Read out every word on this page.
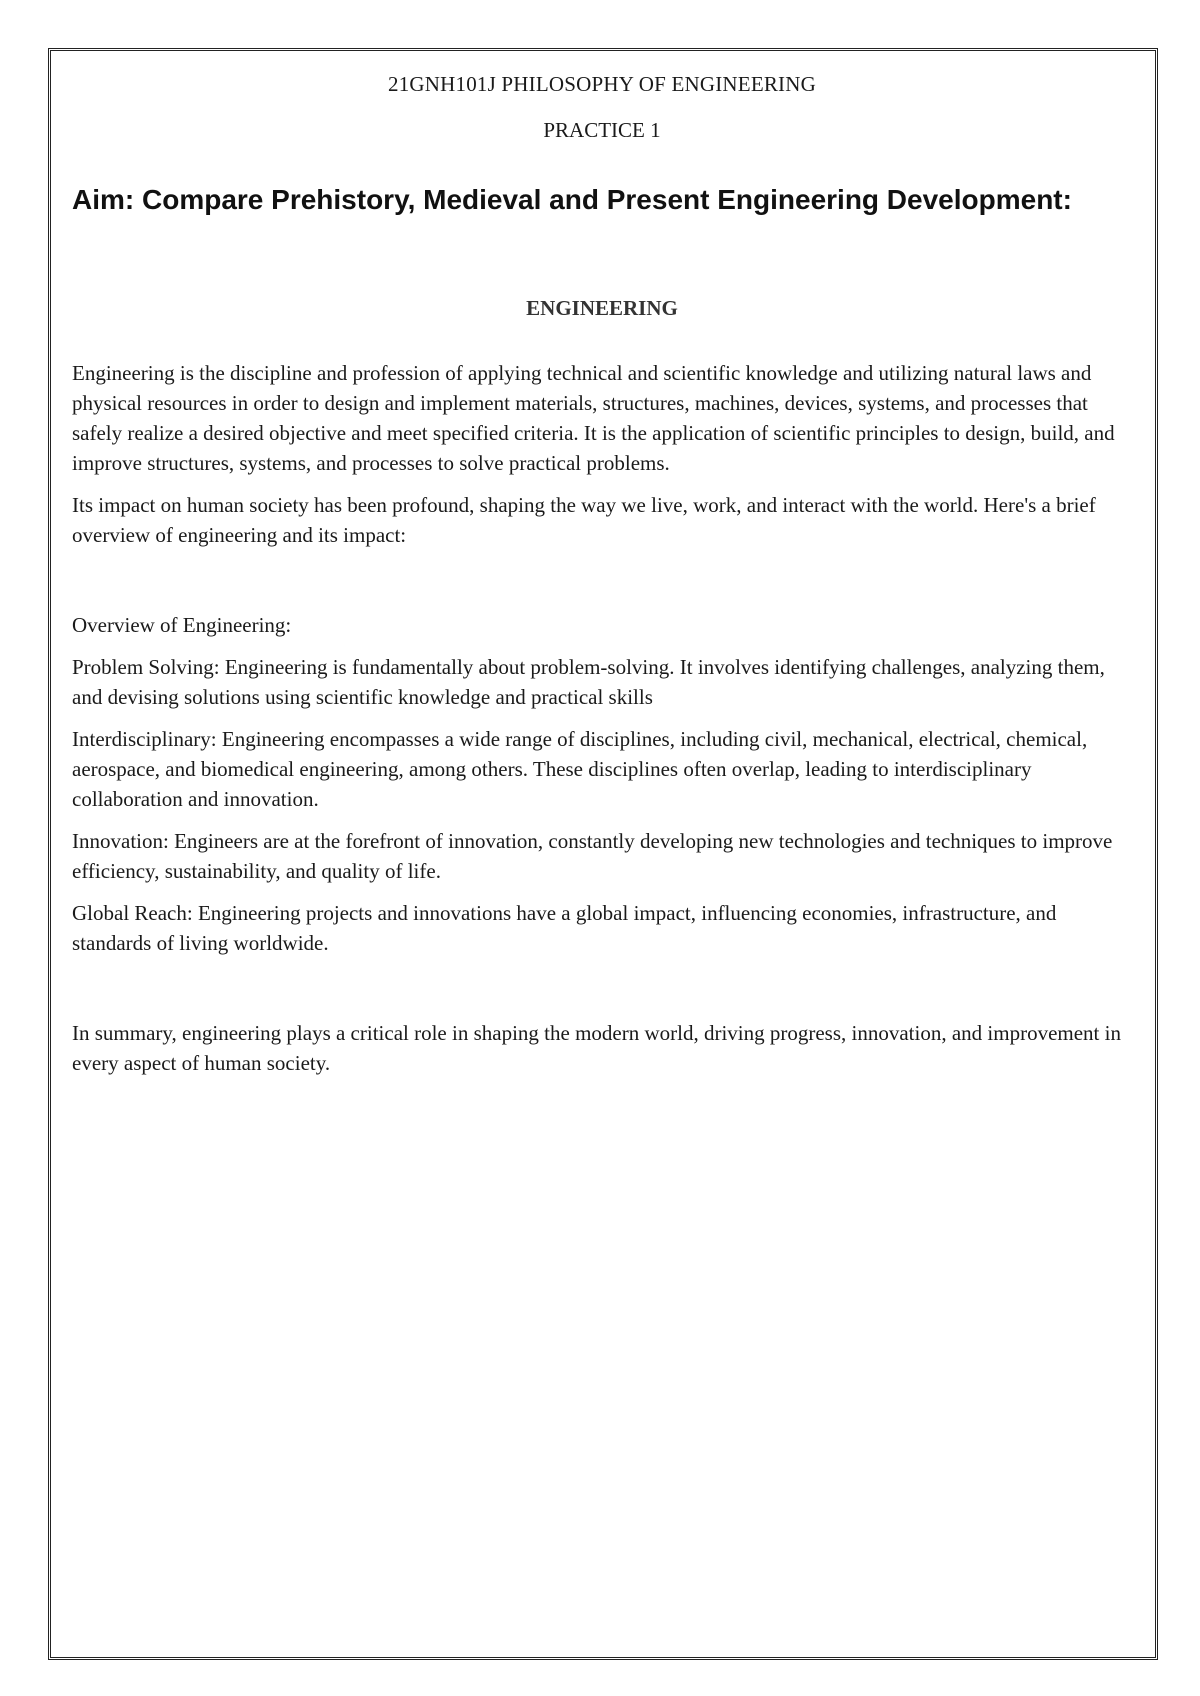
21GNH101J PHILOSOPHY OF ENGINEERING

PRACTICE 1

Aim: Compare Prehistory, Medieval and Present Engineering Development:
ENGINEERING

Engineering is the discipline and profession of applying technical and scientific knowledge and utilizing natural laws and physical resources in order to design and implement materials, structures, machines, devices, systems, and processes that safely realize a desired objective and meet specified criteria. It is the application of scientific principles to design, build, and improve structures, systems, and processes to solve practical problems.

Its impact on human society has been profound, shaping the way we live, work, and interact with the world. Here's a brief overview of engineering and its impact:

Overview of Engineering:

Problem Solving: Engineering is fundamentally about problem-solving. It involves identifying challenges, analyzing them, and devising solutions using scientific knowledge and practical skills

Interdisciplinary: Engineering encompasses a wide range of disciplines, including civil, mechanical, electrical, chemical, aerospace, and biomedical engineering, among others. These disciplines often overlap, leading to interdisciplinary collaboration and innovation.

Innovation: Engineers are at the forefront of innovation, constantly developing new technologies and techniques to improve efficiency, sustainability, and quality of life.

Global Reach: Engineering projects and innovations have a global impact, influencing economies, infrastructure, and standards of living worldwide.

In summary, engineering plays a critical role in shaping the modern world, driving progress, innovation, and improvement in every aspect of human society.
